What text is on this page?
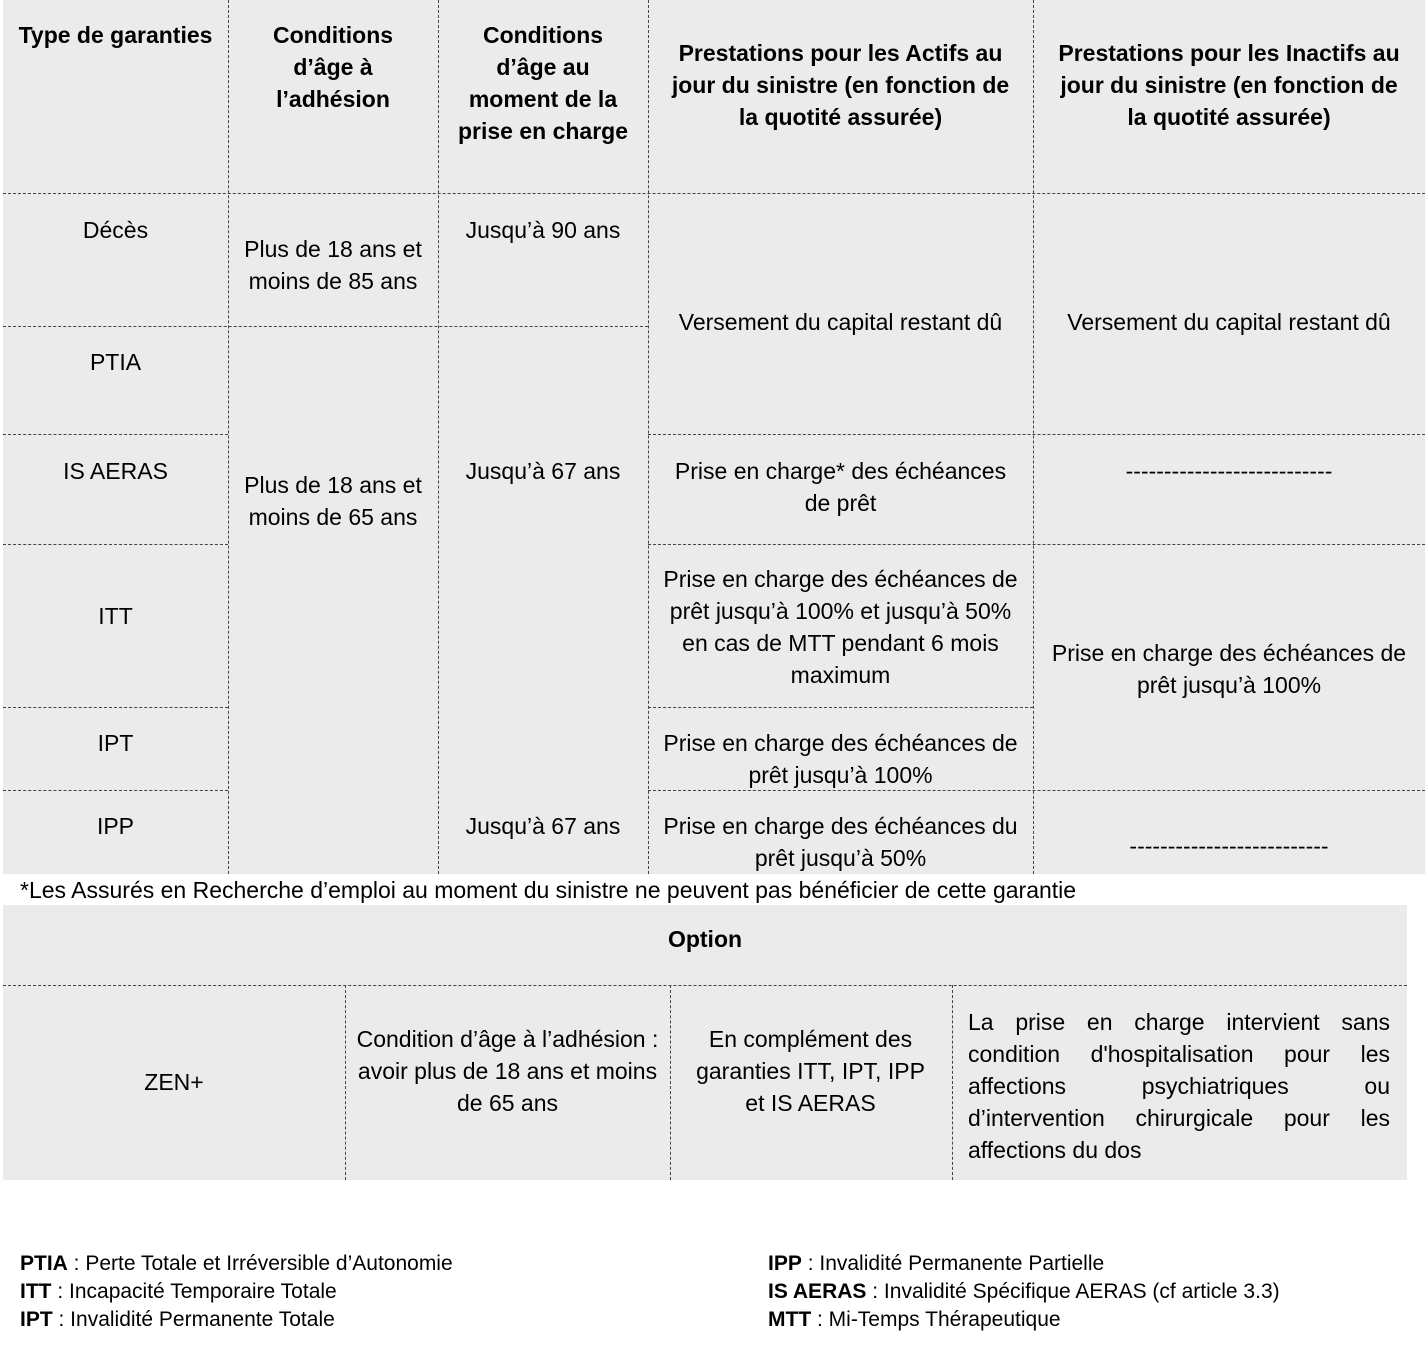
Type de garanties	Conditions d’âge à l’adhésion
Conditions d’âge au moment de la prise en charge
Prestations pour les Actifs au jour du sinistre (en fonction de la quotité assurée)
Prestations pour les Inactifs au jour du sinistre (en fonction de la quotité assurée)
Décès
PTIA
IS AERAS
ITT
IPT
IPP
Plus de 18 ans et moins de 85 ans
Plus de 18 ans et moins de 65 ans
Jusqu’à 90 ans
Jusqu’à 67 ans
Jusqu’à 67 ans
Versement du capital restant dû
Prise en charge* des échéances de prêt
Prise en charge des échéances de prêt jusqu’à 100% et jusqu’à 50% en cas de MTT pendant 6 mois maximum
Prise en charge des échéances de prêt jusqu’à 100%
Prise en charge des échéances du prêt jusqu’à 50%
Versement du capital restant dû
---------------------------
Prise en charge des échéances de prêt jusqu’à 100%
--------------------------
*Les Assurés en Recherche d’emploi au moment du sinistre ne peuvent pas bénéficier de cette garantie
Option
ZEN+
Condition d’âge à l’adhésion : avoir plus de 18 ans et moins de 65 ans
En complément des garanties ITT, IPT, IPP et IS AERAS
La prise en charge intervient sans condition d'hospitalisation pour les affections psychiatriques ou d’intervention chirurgicale pour les affections du dos
PTIA : Perte Totale et Irréversible d’Autonomie
ITT : Incapacité Temporaire Totale
IPT : Invalidité Permanente Totale
IPP : Invalidité Permanente Partielle
IS AERAS : Invalidité Spécifique AERAS (cf article 3.3)
MTT : Mi-Temps Thérapeutique
